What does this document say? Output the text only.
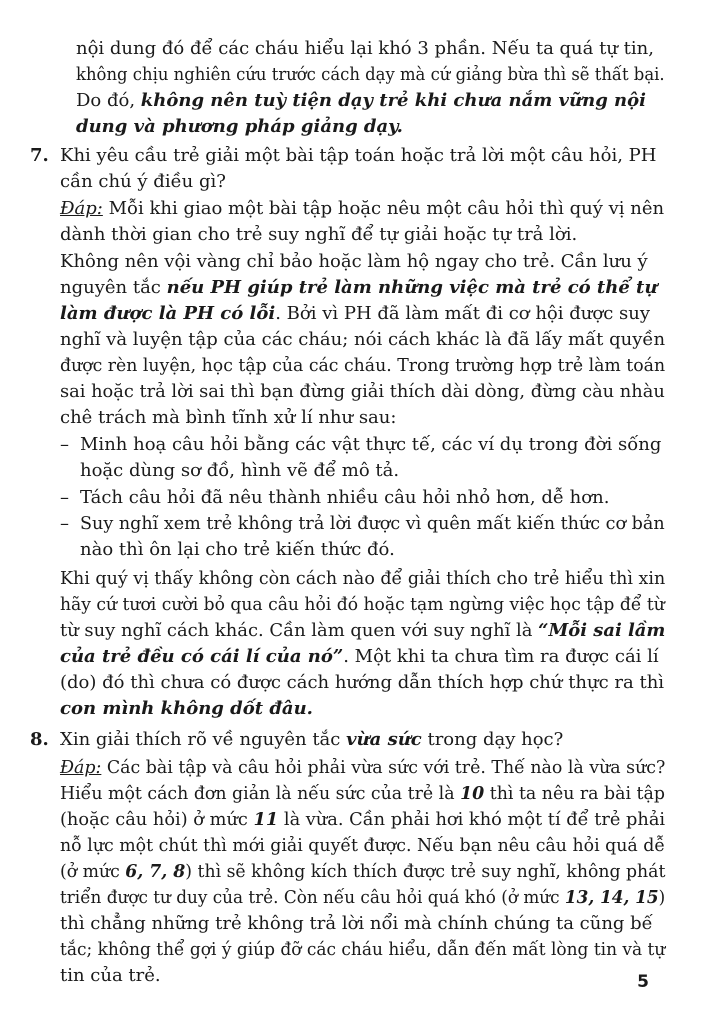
nội dung đó để các cháu hiểu lại khó 3 phần. Nếu ta quá tự tin,
không chịu nghiên cứu trước cách dạy mà cứ giảng bừa thì sẽ thất bại.
Do đó, không nên tuỳ tiện dạy trẻ khi chưa nắm vững nội
dung và phương pháp giảng dạy.
7. Khi yêu cầu trẻ giải một bài tập toán hoặc trả lời một câu hỏi, PH
cần chú ý điều gì?
Đáp: Mỗi khi giao một bài tập hoặc nêu một câu hỏi thì quý vị nên
dành thời gian cho trẻ suy nghĩ để tự giải hoặc tự trả lời.
Không nên vội vàng chỉ bảo hoặc làm hộ ngay cho trẻ. Cần lưu ý
nguyên tắc nếu PH giúp trẻ làm những việc mà trẻ có thể tự
làm được là PH có lỗi. Bởi vì PH đã làm mất đi cơ hội được suy
nghĩ và luyện tập của các cháu; nói cách khác là đã lấy mất quyền
được rèn luyện, học tập của các cháu. Trong trường hợp trẻ làm toán
sai hoặc trả lời sai thì bạn đừng giải thích dài dòng, đừng càu nhàu
chê trách mà bình tĩnh xử lí như sau:
– Minh hoạ câu hỏi bằng các vật thực tế, các ví dụ trong đời sống
hoặc dùng sơ đồ, hình vẽ để mô tả.
– Tách câu hỏi đã nêu thành nhiều câu hỏi nhỏ hơn, dễ hơn.
– Suy nghĩ xem trẻ không trả lời được vì quên mất kiến thức cơ bản
nào thì ôn lại cho trẻ kiến thức đó.
Khi quý vị thấy không còn cách nào để giải thích cho trẻ hiểu thì xin
hãy cứ tươi cười bỏ qua câu hỏi đó hoặc tạm ngừng việc học tập để từ
từ suy nghĩ cách khác. Cần làm quen với suy nghĩ là “Mỗi sai lầm
của trẻ đều có cái lí của nó”. Một khi ta chưa tìm ra được cái lí
(do) đó thì chưa có được cách hướng dẫn thích hợp chứ thực ra thì
con mình không dốt đâu.
8. Xin giải thích rõ về nguyên tắc vừa sức trong dạy học?
Đáp: Các bài tập và câu hỏi phải vừa sức với trẻ. Thế nào là vừa sức?
Hiểu một cách đơn giản là nếu sức của trẻ là 10 thì ta nêu ra bài tập
(hoặc câu hỏi) ở mức 11 là vừa. Cần phải hơi khó một tí để trẻ phải
nỗ lực một chút thì mới giải quyết được. Nếu bạn nêu câu hỏi quá dễ
(ở mức 6, 7, 8) thì sẽ không kích thích được trẻ suy nghĩ, không phát
triển được tư duy của trẻ. Còn nếu câu hỏi quá khó (ở mức 13, 14, 15)
thì chẳng những trẻ không trả lời nổi mà chính chúng ta cũng bế
tắc; không thể gợi ý giúp đỡ các cháu hiểu, dẫn đến mất lòng tin và tự
tin của trẻ.	5
